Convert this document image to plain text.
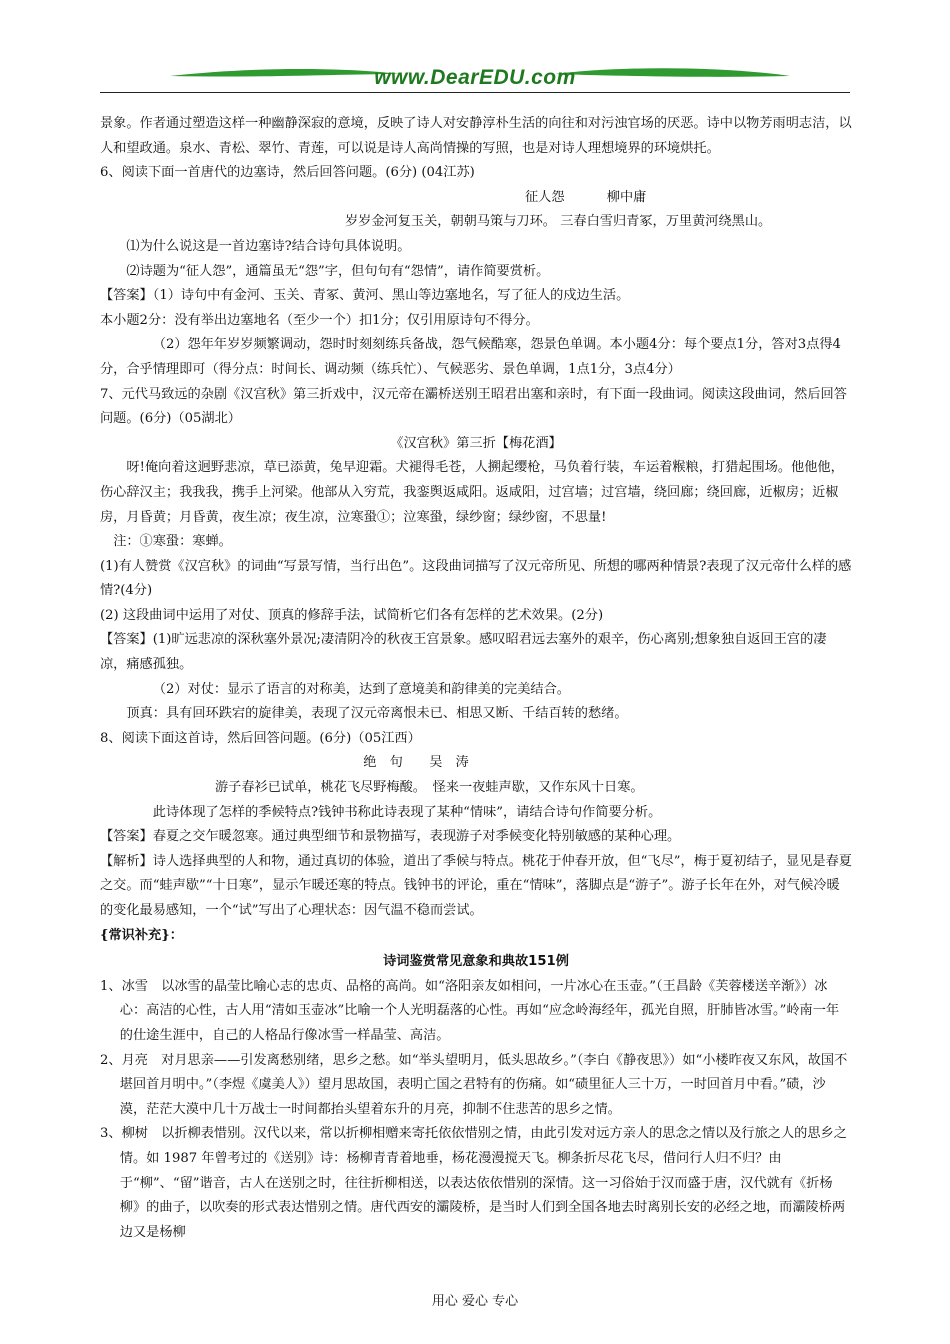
www.DearEDU.com

景象。作者通过塑造这样一种幽静深寂的意境，反映了诗人对安静淳朴生活的向往和对污浊官场的厌恶。诗中以物芳雨明志洁，以人和望政通。泉水、青松、翠竹、青莲，可以说是诗人高尚情操的写照，也是对诗人理想境界的环境烘托。

6、阅读下面一首唐代的边塞诗，然后回答问题。(6分) (04江苏)

征人怨	柳中庸

岁岁金河复玉关，朝朝马策与刀环。 三春白雪归青冢，万里黄河绕黑山。

⑴为什么说这是一首边塞诗?结合诗句具体说明。

⑵诗题为“征人怨”，通篇虽无“怨”字，但句句有“怨情”，请作简要赏析。

【答案】（1）诗句中有金河、玉关、青冢、黄河、黑山等边塞地名，写了征人的戍边生活。

本小题2分：没有举出边塞地名（至少一个）扣1分；仅引用原诗句不得分。

（2）怨年年岁岁频繁调动，怨时时刻刻练兵备战，怨气候酷寒，怨景色单调。本小题4分：每个要点1分，答对3点得4分，合乎情理即可（得分点：时间长、调动频（练兵忙）、气候恶劣、景色单调，1点1分，3点4分）

7、元代马致远的杂剧《汉宫秋》第三折戏中，汉元帝在灞桥送别王昭君出塞和亲时，有下面一段曲词。阅读这段曲词，然后回答问题。(6分)（05湖北）

《汉宫秋》第三折【梅花酒】

呀!俺向着这迥野悲凉，草已添黄，兔早迎霜。犬褪得毛苍，人搠起缨枪，马负着行装，车运着糇粮，打猎起围场。他他他，伤心辞汉主；我我我，携手上河梁。他部从入穷荒，我銮舆返咸阳。返咸阳，过宫墙；过宫墙，绕回廊；绕回廊，近椒房；近椒房，月昏黄；月昏黄，夜生凉；夜生凉，泣寒蛩①；泣寒蛩，绿纱窗；绿纱窗，不思量!

注：①寒蛩：寒蝉。

(1)有人赞赏《汉宫秋》的词曲“写景写情，当行出色”。这段曲词描写了汉元帝所见、所想的哪两种情景?表现了汉元帝什么样的感情?(4分)

(2) 这段曲词中运用了对仗、顶真的修辞手法，试简析它们各有怎样的艺术效果。(2分)

【答案】(1)旷远悲凉的深秋塞外景况;凄清阴冷的秋夜王宫景象。感叹昭君远去塞外的艰辛，伤心离别;想象独自返回王宫的凄凉，痛感孤独。

（2）对仗：显示了语言的对称美，达到了意境美和韵律美的完美结合。

顶真：具有回环跌宕的旋律美，表现了汉元帝离恨未已、相思又断、千结百转的愁绪。

8、阅读下面这首诗，然后回答问题。(6分)（05江西）

绝　句 吴　涛

游子春衫已试单，桃花飞尽野梅酸。　怪来一夜蛙声歇，又作东风十日寒。

此诗体现了怎样的季候特点?钱钟书称此诗表现了某种“情味”，请结合诗句作简要分析。

【答案】春夏之交乍暖忽寒。通过典型细节和景物描写，表现游子对季候变化特别敏感的某种心理。

【解析】诗人选择典型的人和物，通过真切的体验，道出了季候与特点。桃花于仲春开放，但“飞尽”，梅于夏初结子，显见是春夏之交。而“蛙声歇”“十日寒”，显示乍暖还寒的特点。钱钟书的评论，重在“情味”，落脚点是“游子”。游子长年在外，对气候冷暖的变化最易感知，一个“试”写出了心理状态：因气温不稳而尝试。

{常识补充}：

诗词鉴赏常见意象和典故151例

1、冰雪　以冰雪的晶莹比喻心志的忠贞、品格的高尚。如“洛阳亲友如相问，一片冰心在玉壶。”（王昌龄《芙蓉楼送辛渐》）冰心：高洁的心性，古人用“清如玉壶冰”比喻一个人光明磊落的心性。再如“应念岭海经年，孤光自照，肝肺皆冰雪。”岭南一年的仕途生涯中，自己的人格品行像冰雪一样晶莹、高洁。

2、月亮　对月思亲——引发离愁别绪，思乡之愁。如“举头望明月，低头思故乡。”（李白《静夜思》）如“小楼昨夜又东风，故国不堪回首月明中。”（李煜《虞美人》）望月思故国，表明亡国之君特有的伤痛。如“碛里征人三十万，一时回首月中看。”碛，沙漠，茫茫大漠中几十万战士一时间都抬头望着东升的月亮，抑制不住悲苦的思乡之情。

3、柳树　以折柳表惜别。汉代以来，常以折柳相赠来寄托依依惜别之情，由此引发对远方亲人的思念之情以及行旅之人的思乡之情。如 1987 年曾考过的《送别》诗：杨柳青青着地垂，杨花漫漫搅天飞。柳条折尽花飞尽，借问行人归不归？由于“柳”、“留”谐音，古人在送别之时，往往折柳相送，以表达依依惜别的深情。这一习俗始于汉而盛于唐，汉代就有《折杨柳》的曲子，以吹奏的形式表达惜别之情。唐代西安的灞陵桥，是当时人们到全国各地去时离别长安的必经之地，而灞陵桥两边又是杨柳

用心 爱心 专心
